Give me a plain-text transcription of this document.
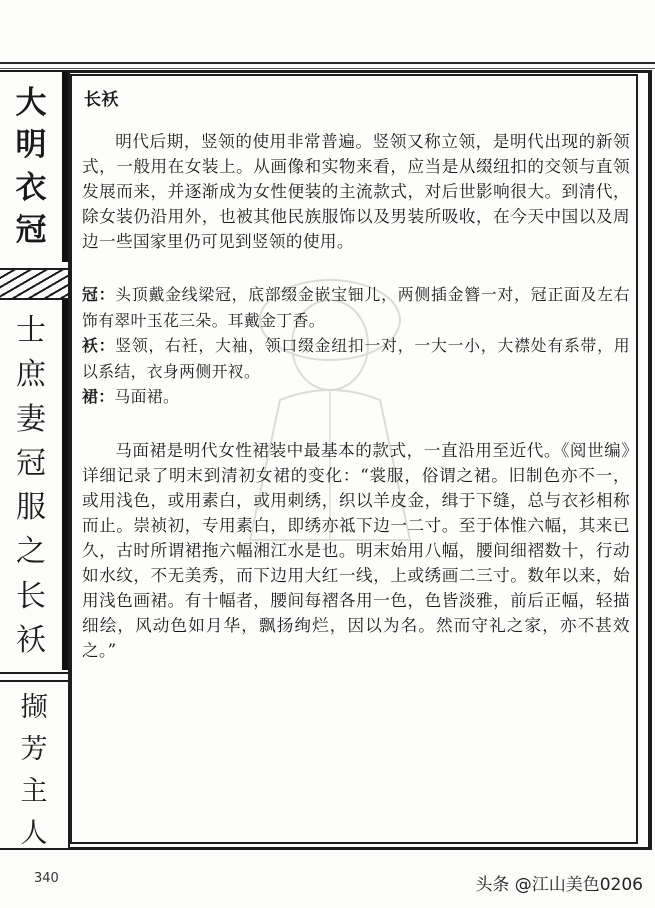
大
明
衣
冠
士
庶
妻
冠
服
之
长
袄
撷
芳
主
人
长袄

明代后期，竖领的使用非常普遍。竖领又称立领，是明代出现的新领式，一般用在女装上。从画像和实物来看，应当是从缀纽扣的交领与直领发展而来，并逐渐成为女性便装的主流款式，对后世影响很大。到清代，除女装仍沿用外，也被其他民族服饰以及男装所吸收，在今天中国以及周边一些国家里仍可见到竖领的使用。

冠：头顶戴金线梁冠，底部缀金嵌宝钿儿，两侧插金簪一对，冠正面及左右饰有翠叶玉花三朵。耳戴金丁香。

袄：竖领，右衽，大袖，领口缀金纽扣一对，一大一小，大襟处有系带，用以系结，衣身两侧开衩。

裙：马面裙。

马面裙是明代女性裙装中最基本的款式，一直沿用至近代。《阅世编》详细记录了明末到清初女裙的变化：“裳服，俗谓之裙。旧制色亦不一，或用浅色，或用素白，或用刺绣，织以羊皮金，缉于下缝，总与衣衫相称而止。崇祯初，专用素白，即绣亦祗下边一二寸。至于体惟六幅，其来已久，古时所谓裙拖六幅湘江水是也。明末始用八幅，腰间细褶数十，行动如水纹，不无美秀，而下边用大红一线，上或绣画二三寸。数年以来，始用浅色画裙。有十幅者，腰间每褶各用一色，色皆淡雅，前后正幅，轻描细绘，风动色如月华，飘扬绚烂，因以为名。然而守礼之家，亦不甚效之。”

340	头条 @江山美色0206
